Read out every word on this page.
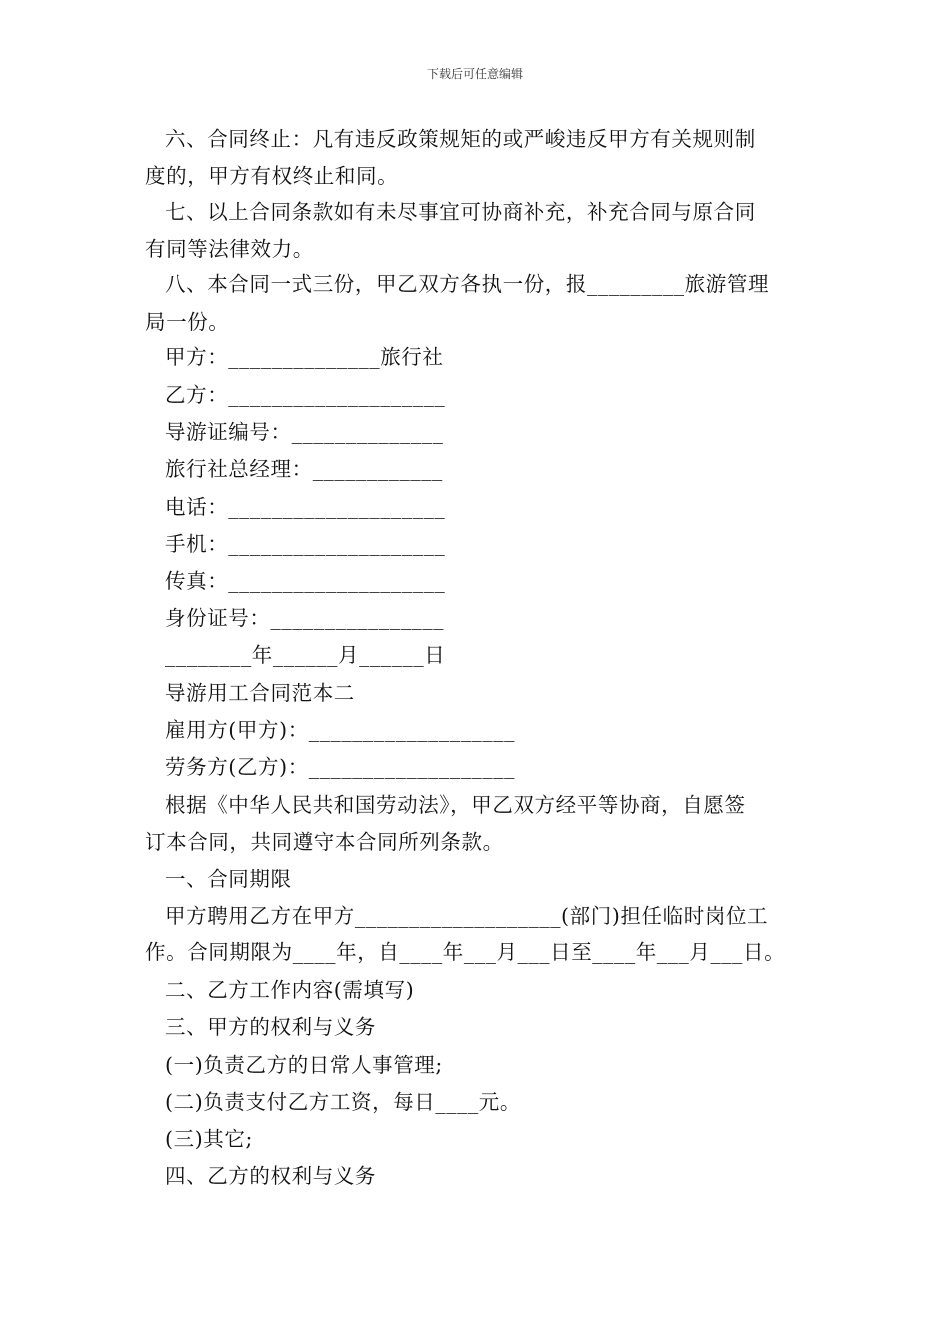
下载后可任意编辑
六、合同终止：凡有违反政策规矩的或严峻违反甲方有关规则制
度的，甲方有权终止和同。
七、以上合同条款如有未尽事宜可协商补充，补充合同与原合同
有同等法律效力。
八、本合同一式三份，甲乙双方各执一份，报_________旅游管理
局一份。
甲方：______________旅行社
乙方：____________________
导游证编号：______________
旅行社总经理：____________
电话：____________________
手机：____________________
传真：____________________
身份证号：________________
________年______月______日
导游用工合同范本二
雇用方(甲方)：___________________
劳务方(乙方)：___________________
根据《中华人民共和国劳动法》，甲乙双方经平等协商，自愿签
订本合同，共同遵守本合同所列条款。
一、合同期限
甲方聘用乙方在甲方___________________(部门)担任临时岗位工
作。合同期限为____年，自____年___月___日至____年___月___日。
二、乙方工作内容(需填写)
三、甲方的权利与义务
(一)负责乙方的日常人事管理;
(二)负责支付乙方工资，每日____元。
(三)其它;
四、乙方的权利与义务
